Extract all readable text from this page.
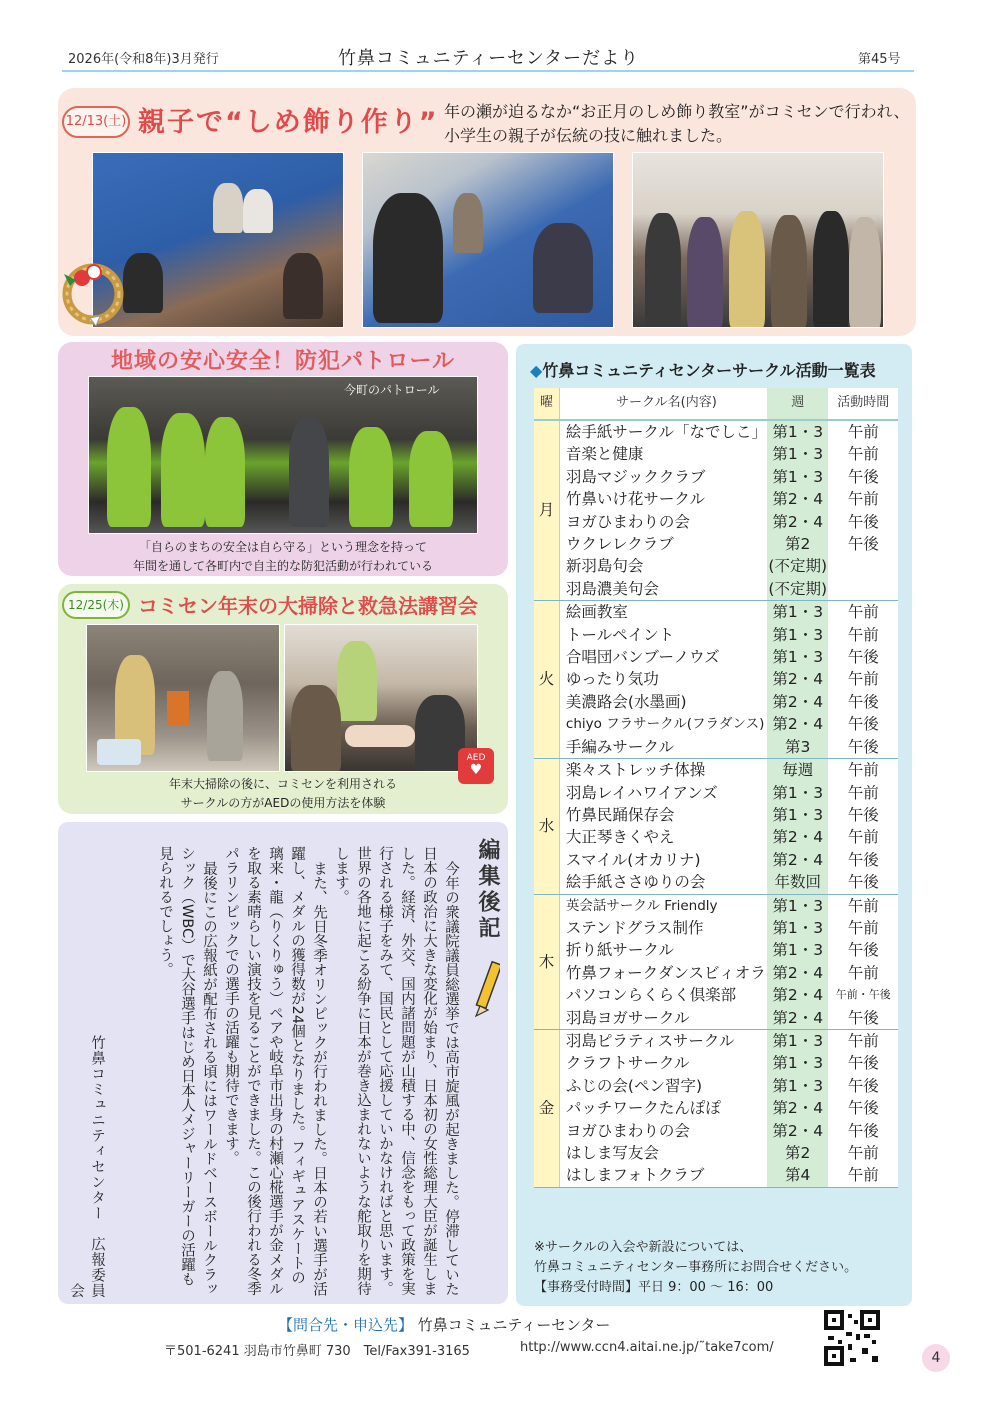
2026年(令和8年)3月発行	竹鼻コミュニティーセンターだより	第45号
12/13(土) 親子で“しめ飾り作り” 年の瀬が迫るなか“お正月のしめ飾り教室”がコミセンで行われ、小学生の親子が伝統の技に触れました。
地域の安心安全！防犯パトロール
今町のパトロール
「自らのまちの安全は自ら守る」という理念を持って
年間を通して各町内で自主的な防犯活動が行われている
12/25(木) コミセン年末の大掃除と救急法講習会
AED
♥
年末大掃除の後に、コミセンを利用される
サークルの方がAEDの使用方法を体験
編集後記

今年の衆議院議員総選挙では高市旋風が起きました。停滞していた日本の政治に大きな変化が始まり、日本初の女性総理大臣が誕生しました。経済、外交、国内諸問題が山積する中、信念をもって政策を実行される様子をみて、国民として応援していかなければと思います。世界の各地に起こる紛争に日本が巻き込まれないような舵取りを期待します。

また、先日冬季オリンピックが行われました。日本の若い選手が活躍し、メダルの獲得数が24個となりました。フィギュアスケートの璃来・龍（りくりゅう）ペアや岐阜市出身の村瀬心椛選手が金メダルを取る素晴らしい演技を見ることができました。この後行われる冬季パラリンピックでの選手の活躍も期待できます。

最後にこの広報紙が配布される頃にはワールドベースボールクラッシック（WBC）で大谷選手はじめ日本人メジャーリーガーの活躍も見られるでしょう。

竹鼻コミュニティセンター　広報委員会
◆竹鼻コミュニティセンターサークル活動一覧表
曜	サークル名(内容)	週	活動時間
月	絵手紙サークル「なでしこ」	第1・3	午前
	音楽と健康	第1・3	午前
	羽島マジッククラブ	第1・3	午後
	竹鼻いけ花サークル	第2・4	午前
	ヨガひまわりの会	第2・4	午後
	ウクレレクラブ	第2	午後
	新羽島句会	(不定期)	
	羽島濃美句会	(不定期)	
火	絵画教室	第1・3	午前
	トールペイント	第1・3	午前
	合唱団バンブーノウズ	第1・3	午後
	ゆったり気功	第2・4	午前
	美濃路会(水墨画)	第2・4	午後
	chiyo フラサークル(フラダンス)	第2・4	午後
	手編みサークル	第3	午後
水	楽々ストレッチ体操	毎週	午前
	羽島レイハワイアンズ	第1・3	午前
	竹鼻民踊保存会	第1・3	午後
	大正琴きくやえ	第2・4	午前
	スマイル(オカリナ)	第2・4	午後
	絵手紙ささゆりの会	年数回	午後
木	英会話サークル Friendly	第1・3	午前
	ステンドグラス制作	第1・3	午前
	折り紙サークル	第1・3	午後
	竹鼻フォークダンスビィオラ	第2・4	午前
	パソコンらくらく倶楽部	第2・4	午前・午後
	羽島ヨガサークル	第2・4	午後
金	羽島ピラティスサークル	第1・3	午前
	クラフトサークル	第1・3	午後
	ふじの会(ペン習字)	第1・3	午後
	パッチワークたんぽぽ	第2・4	午後
	ヨガひまわりの会	第2・4	午後
	はしま写友会	第2	午前
	はしまフォトクラブ	第4	午前
※サークルの入会や新設については、
竹鼻コミュニティセンター事務所にお問合せください。
【事務受付時間】平日 9：00 ～ 16：00
【問合先・申込先】 竹鼻コミュニティーセンター
〒501-6241 羽島市竹鼻町 730　Tel/Fax391-3165	http://www.ccn4.aitai.ne.jp/˜take7com/
4
